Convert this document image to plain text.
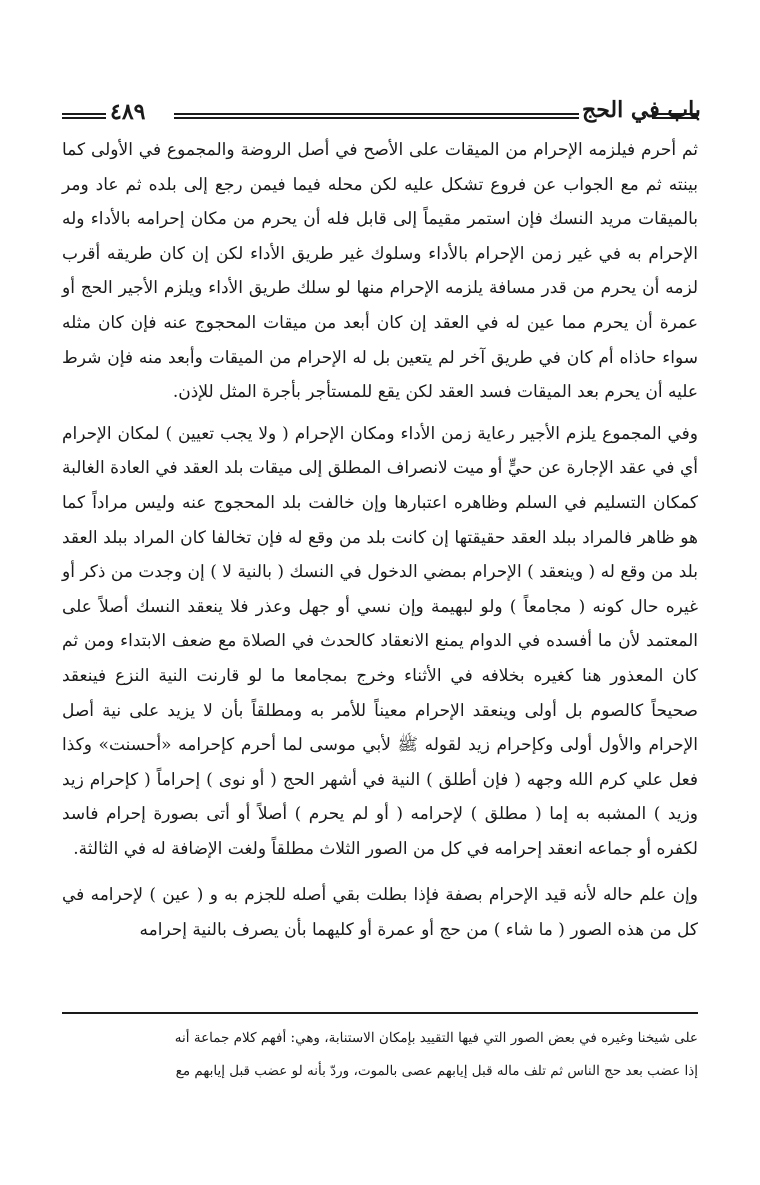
٤٨٩	باب في الحج

ثم أحرم فيلزمه الإحرام من الميقات على الأصح في أصل الروضة والمجموع في الأولى كما بينته ثم مع الجواب عن فروع تشكل عليه لكن محله فيما فيمن رجع إلى بلده ثم عاد ومر بالميقات مريد النسك فإن استمر مقيماً إلى قابل فله أن يحرم من مكان إحرامه بالأداء وله الإحرام به في غير زمن الإحرام بالأداء وسلوك غير طريق الأداء لكن إن كان طريقه أقرب لزمه أن يحرم من قدر مسافة يلزمه الإحرام منها لو سلك طريق الأداء ويلزم الأجير الحج أو عمرة أن يحرم مما عين له في العقد إن كان أبعد من ميقات المحجوج عنه فإن كان مثله سواء حاذاه أم كان في طريق آخر لم يتعين بل له الإحرام من الميقات وأبعد منه فإن شرط عليه أن يحرم بعد الميقات فسد العقد لكن يقع للمستأجر بأجرة المثل للإذن.

وفي المجموع يلزم الأجير رعاية زمن الأداء ومكان الإحرام ( ولا يجب تعيين ) لمكان الإحرام أي في عقد الإجارة عن حيٍّ أو ميت لانصراف المطلق إلى ميقات بلد العقد في العادة الغالبة كمكان التسليم في السلم وظاهره اعتبارها وإن خالفت بلد المحجوج عنه وليس مراداً كما هو ظاهر فالمراد ببلد العقد حقيقتها إن كانت بلد من وقع له فإن تخالفا كان المراد ببلد العقد بلد من وقع له ( وينعقد ) الإحرام بمضي الدخول في النسك ( بالنية لا ) إن وجدت من ذكر أو غيره حال كونه ( مجامعاً ) ولو لبهيمة وإن نسي أو جهل وعذر فلا ينعقد النسك أصلاً على المعتمد لأن ما أفسده في الدوام يمنع الانعقاد كالحدث في الصلاة مع ضعف الابتداء ومن ثم كان المعذور هنا كغيره بخلافه في الأثناء وخرج بمجامعا ما لو قارنت النية النزع فينعقد صحيحاً كالصوم بل أولى وينعقد الإحرام معيناً للأمر به ومطلقاً بأن لا يزيد على نية أصل الإحرام والأول أولى وكإحرام زيد لقوله ﷺ لأبي موسى لما أحرم كإحرامه «أحسنت» وكذا فعل علي كرم الله وجهه ( فإن أطلق ) النية في أشهر الحج ( أو نوى ) إحراماً ( كإحرام زيد وزيد ) المشبه به إما ( مطلق ) لإحرامه ( أو لم يحرم ) أصلاً أو أتى بصورة إحرام فاسد لكفره أو جماعه انعقد إحرامه في كل من الصور الثلاث مطلقاً ولغت الإضافة له في الثالثة.

وإن علم حاله لأنه قيد الإحرام بصفة فإذا بطلت بقي أصله للجزم به و ( عين ) لإحرامه في كل من هذه الصور ( ما شاء ) من حج أو عمرة أو كليهما بأن يصرف بالنية إحرامه

على شيخنا وغيره في بعض الصور التي فيها التقييد بإمكان الاستنابة، وهي: أفهم كلام جماعة أنه

إذا عضب بعد حج الناس ثم تلف ماله قبل إيابهم عصى بالموت، وردّ بأنه لو عضب قبل إيابهم مع
